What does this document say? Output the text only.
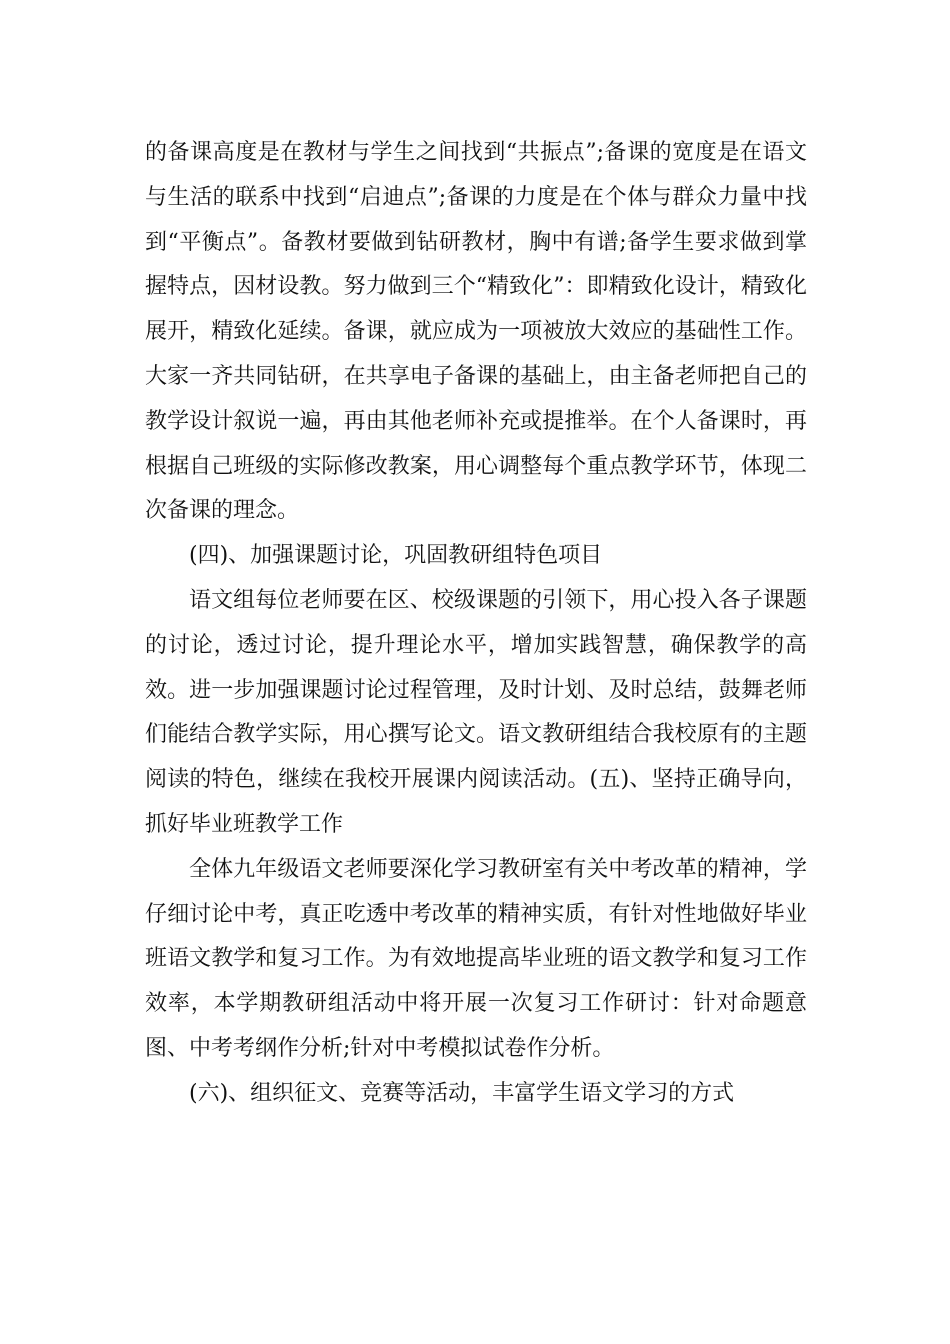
的备课高度是在教材与学生之间找到“共振点”;备课的宽度是在语文与生活的联系中找到“启迪点”;备课的力度是在个体与群众力量中找到“平衡点”。备教材要做到钻研教材，胸中有谱;备学生要求做到掌握特点，因材设教。努力做到三个“精致化”：即精致化设计，精致化展开，精致化延续。备课，就应成为一项被放大效应的基础性工作。大家一齐共同钻研，在共享电子备课的基础上，由主备老师把自己的教学设计叙说一遍，再由其他老师补充或提推举。在个人备课时，再根据自己班级的实际修改教案，用心调整每个重点教学环节，体现二次备课的理念。

(四)、加强课题讨论，巩固教研组特色项目

语文组每位老师要在区、校级课题的引领下，用心投入各子课题的讨论，透过讨论，提升理论水平，增加实践智慧，确保教学的高效。进一步加强课题讨论过程管理，及时计划、及时总结，鼓舞老师们能结合教学实际，用心撰写论文。语文教研组结合我校原有的主题阅读的特色，继续在我校开展课内阅读活动。(五)、坚持正确导向，抓好毕业班教学工作

全体九年级语文老师要深化学习教研室有关中考改革的精神，学仔细讨论中考，真正吃透中考改革的精神实质，有针对性地做好毕业班语文教学和复习工作。为有效地提高毕业班的语文教学和复习工作效率，本学期教研组活动中将开展一次复习工作研讨：针对命题意图、中考考纲作分析;针对中考模拟试卷作分析。

(六)、组织征文、竞赛等活动，丰富学生语文学习的方式
